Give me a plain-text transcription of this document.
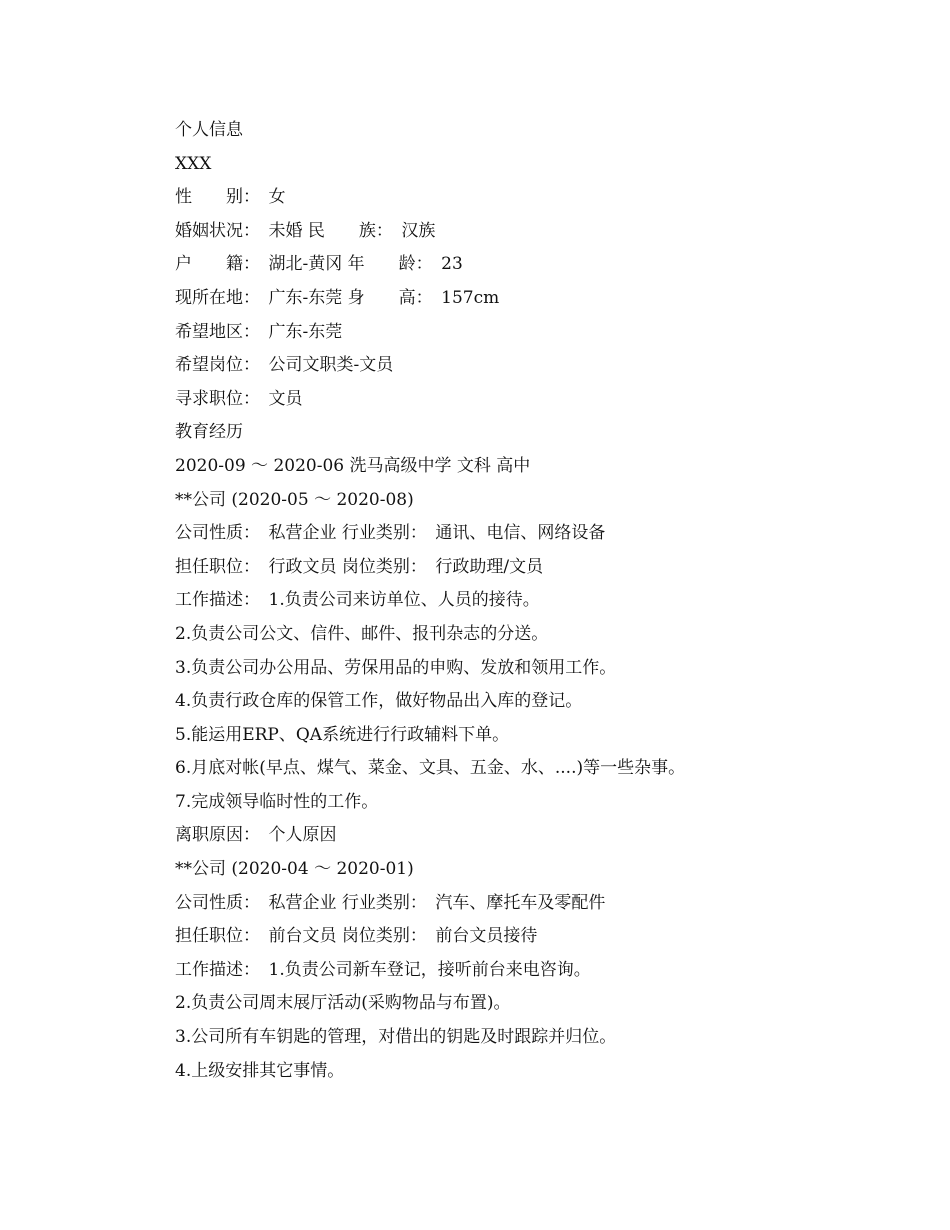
个人信息
XXX
性　　别：　女
婚姻状况：　未婚 民　　族：　汉族
户　　籍：　湖北-黄冈 年　　龄：　23
现所在地：　广东-东莞 身　　高：　157cm
希望地区：　广东-东莞
希望岗位：　公司文职类-文员
寻求职位：　文员
教育经历
2020-09 ～ 2020-06 洗马高级中学 文科 高中
**公司 (2020-05 ～ 2020-08)
公司性质：　私营企业 行业类别：　通讯、电信、网络设备
担任职位：　行政文员 岗位类别：　行政助理/文员
工作描述：　1.负责公司来访单位、人员的接待。
2.负责公司公文、信件、邮件、报刊杂志的分送。
3.负责公司办公用品、劳保用品的申购、发放和领用工作。
4.负责行政仓库的保管工作，做好物品出入库的登记。
5.能运用ERP、QA系统进行行政辅料下单。
6.月底对帐(早点、煤气、菜金、文具、五金、水、....)等一些杂事。
7.完成领导临时性的工作。
离职原因：　个人原因
**公司 (2020-04 ～ 2020-01)
公司性质：　私营企业 行业类别：　汽车、摩托车及零配件
担任职位：　前台文员 岗位类别：　前台文员接待
工作描述：　1.负责公司新车登记，接听前台来电咨询。
2.负责公司周末展厅活动(采购物品与布置)。
3.公司所有车钥匙的管理，对借出的钥匙及时跟踪并归位。
4.上级安排其它事情。
